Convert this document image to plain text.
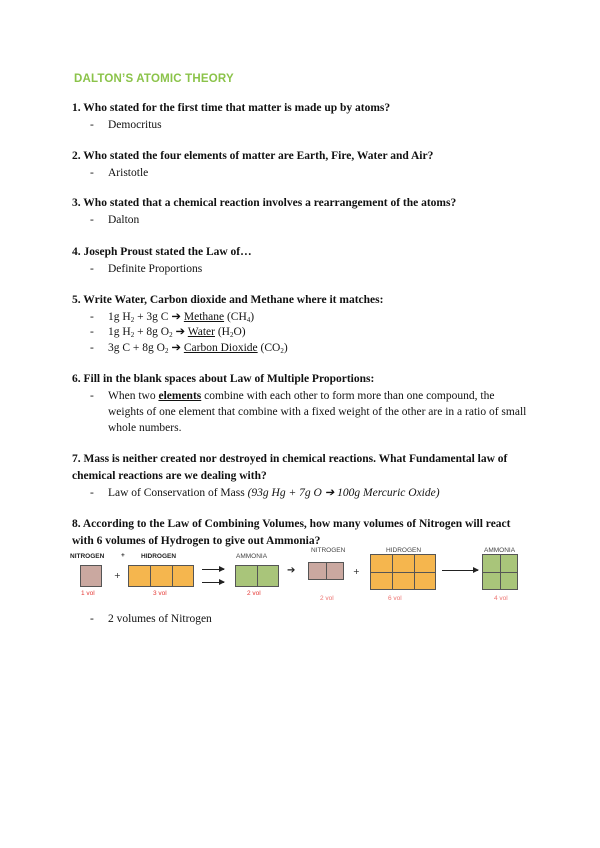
DALTON’S ATOMIC THEORY
1. Who stated for the first time that matter is made up by atoms?
- Democritus
2. Who stated the four elements of matter are Earth, Fire, Water and Air?
- Aristotle
3. Who stated that a chemical reaction involves a rearrangement of the atoms?
- Dalton
4. Joseph Proust stated the Law of…
- Definite Proportions
5. Write Water, Carbon dioxide and Methane where it matches:
- 1g $H_2 + 3g$ C ➔ Methane $(CH_4)$
- 1g $H_2 + 8g$ $O_2$ ➔ Water $(H_2O)$
- 3g C + 8g $O_2$ ➔ Carbon Dioxide $(CO_2)$
6. Fill in the blank spaces about Law of Multiple Proportions:
- When two elements combine with each other to form more than one compound, the weights of one element that combine with a fixed weight of the other are in a ratio of small whole numbers.
7. Mass is neither created nor destroyed in chemical reactions. What Fundamental law of chemical reactions are we dealing with?
- Law of Conservation of Mass (93g Hg + 7g O ➔ 100g Mercuric Oxide)
8. According to the Law of Combining Volumes, how many volumes of Nitrogen will react with 6 volumes of Hydrogen to give out Ammonia?
NITROGEN	+ HIDROGEN	AMMONIA
+
1 vol	3 vol	2 vol
➔
NITROGEN
+
HIDROGEN	AMMONIA
2 vol	6 vol	4 vol
- 2 volumes of Nitrogen
